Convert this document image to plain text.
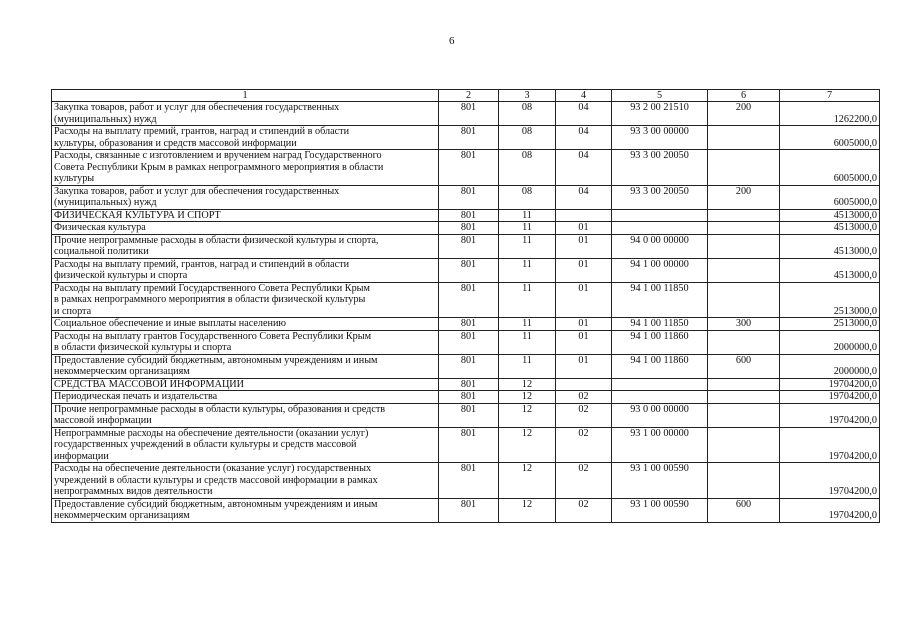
6
1	2	3	4	5	6	7

Закупка товаров, работ и услуг для обеспечения государственных
(муниципальных) нужд	801	08	04	93 2 00 21510	200	1262200,0

Расходы на выплату премий, грантов, наград и стипендий в области
культуры, образования и средств массовой информации	801	08	04	93 3 00 00000		6005000,0

Расходы, связанные с изготовлением и вручением наград Государственного
Совета Республики Крым в рамках непрограммного мероприятия в области
культуры	801	08	04	93 3 00 20050		6005000,0

Закупка товаров, работ и услуг для обеспечения государственных
(муниципальных) нужд	801	08	04	93 3 00 20050	200	6005000,0

ФИЗИЧЕСКАЯ КУЛЬТУРА И СПОРТ	801	11				4513000,0

Физическая культура	801	11	01			4513000,0

Прочие непрограммные расходы в области физической культуры и спорта,
социальной политики	801	11	01	94 0 00 00000		4513000,0

Расходы на выплату премий, грантов, наград и стипендий в области
физической культуры и спорта	801	11	01	94 1 00 00000		4513000,0

Расходы на выплату премий Государственного Совета Республики Крым
в рамках непрограммного мероприятия в области физической культуры
и спорта	801	11	01	94 1 00 11850		2513000,0

Социальное обеспечение и иные выплаты населению	801	11	01	94 1 00 11850	300	2513000,0

Расходы на выплату грантов Государственного Совета Республики Крым
в области физической культуры и спорта	801	11	01	94 1 00 11860		2000000,0

Предоставление субсидий бюджетным, автономным учреждениям и иным
некоммерческим организациям	801	11	01	94 1 00 11860	600	2000000,0

СРЕДСТВА МАССОВОЙ ИНФОРМАЦИИ	801	12				19704200,0

Периодическая печать и издательства	801	12	02			19704200,0

Прочие непрограммные расходы в области культуры, образования и средств
массовой информации	801	12	02	93 0 00 00000		19704200,0

Непрограммные расходы на обеспечение деятельности (оказании услуг)
государственных учреждений в области культуры и средств массовой
информации	801	12	02	93 1 00 00000		19704200,0

Расходы на обеспечение деятельности (оказание услуг) государственных
учреждений в области культуры и средств массовой информации в рамках
непрограммных видов деятельности	801	12	02	93 1 00 00590		19704200,0

Предоставление субсидий бюджетным, автономным учреждениям и иным
некоммерческим организациям	801	12	02	93 1 00 00590	600	19704200,0
